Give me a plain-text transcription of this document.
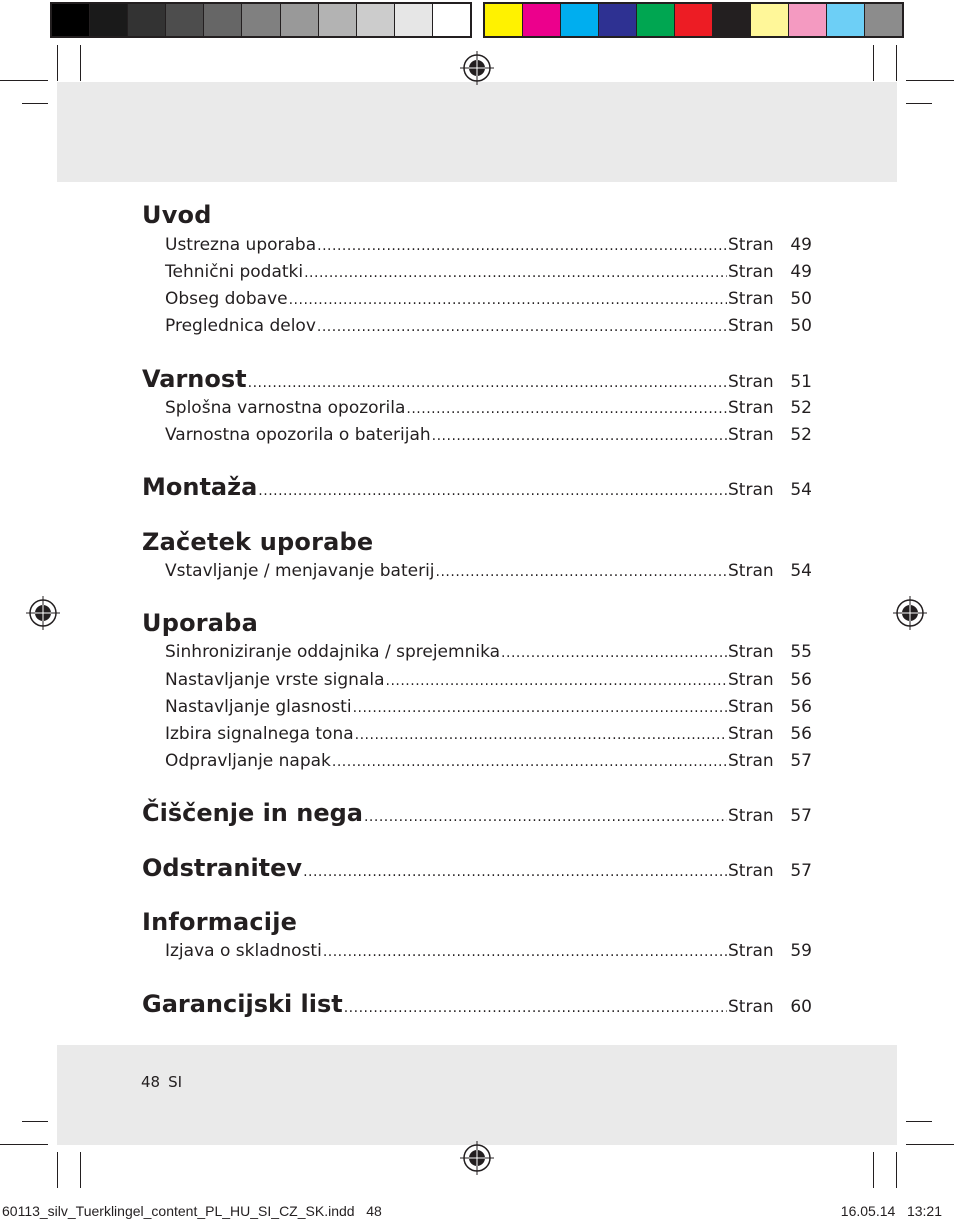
Uvod
Ustrezna uporaba .....	Stran 49
Tehnični podatki .....	Stran 49
Obseg dobave .....	Stran 50
Preglednica delov .....	Stran 50
Varnost .....	Stran 51
Splošna varnostna opozorila .....	Stran 52
Varnostna opozorila o baterijah .....	Stran 52
Montaža .....	Stran 54
Začetek uporabe
Vstavljanje / menjavanje baterij .....	Stran 54
Uporaba
Sinhroniziranje oddajnika / sprejemnika .....	Stran 55
Nastavljanje vrste signala .....	Stran 56
Nastavljanje glasnosti .....	Stran 56
Izbira signalnega tona .....	Stran 56
Odpravljanje napak .....	Stran 57
Čiščenje in nega .....	Stran 57
Odstranitev .....	Stran 57
Informacije
Izjava o skladnosti .....	Stran 59
Garancijski list .....	Stran 60
48 SI
60113_silv_Tuerklingel_content_PL_HU_SI_CZ_SK.indd   48	16.05.14   13:21
